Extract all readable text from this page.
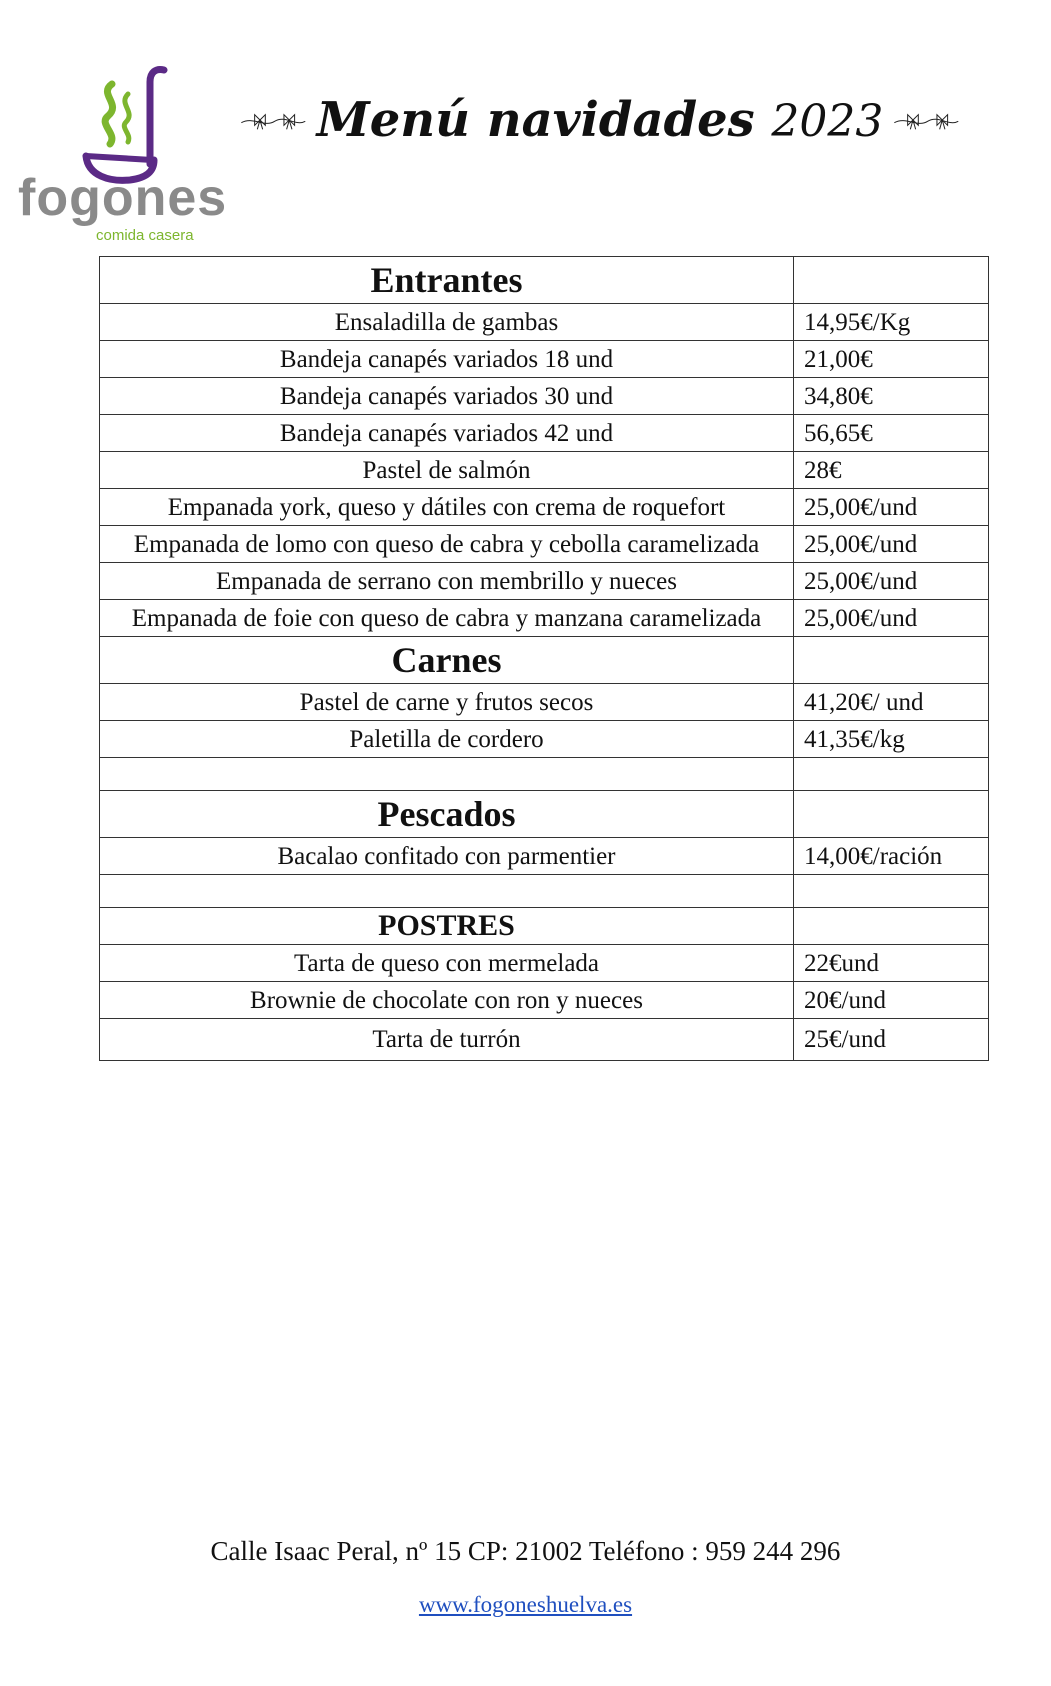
fogones
comida casera
Menú navidades 2023
Entrantes	
Ensaladilla de gambas	14,95€/Kg
Bandeja canapés variados 18 und	21,00€
Bandeja canapés variados 30 und	34,80€
Bandeja canapés variados 42 und	56,65€
Pastel de salmón	28€
Empanada york, queso y dátiles con crema de roquefort	25,00€/und
Empanada de lomo con queso de cabra y cebolla caramelizada	25,00€/und
Empanada de serrano con membrillo y nueces	25,00€/und
Empanada de foie con queso de cabra y manzana caramelizada	25,00€/und
Carnes	
Pastel de carne y frutos secos	41,20€/ und
Paletilla de cordero	41,35€/kg

Pescados	
Bacalao confitado con parmentier	14,00€/ración

POSTRES	
Tarta de queso con mermelada	22€und
Brownie de chocolate con ron y nueces	20€/und
Tarta de turrón	25€/und
Calle Isaac Peral, nº 15 CP: 21002 Teléfono : 959 244 296
www.fogoneshuelva.es
